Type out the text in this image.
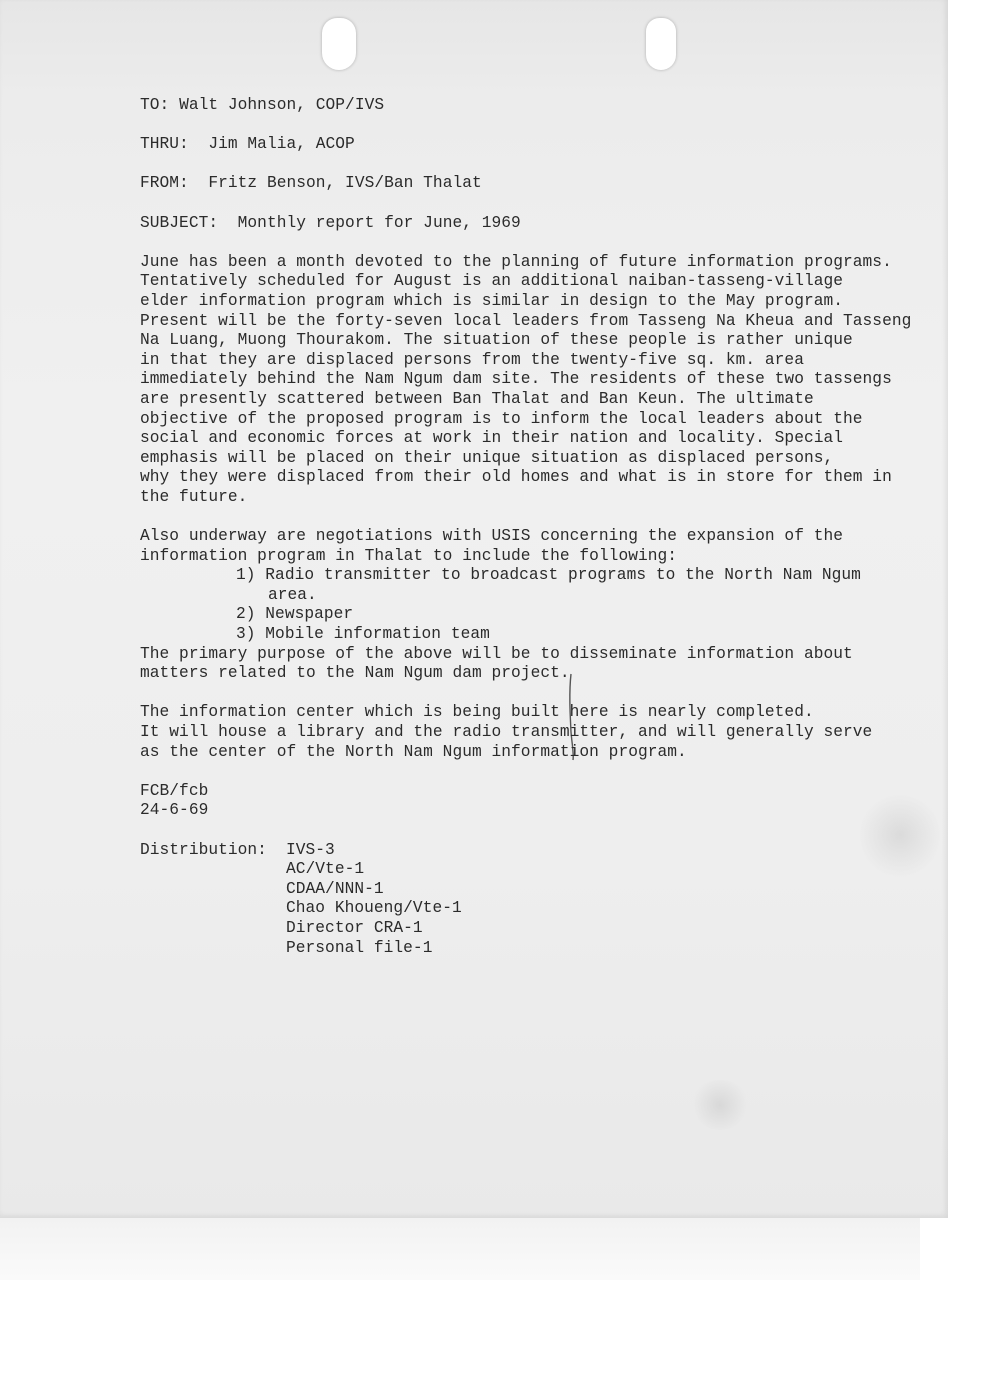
TO: Walt Johnson, COP/IVS
THRU: Jim Malia, ACOP
FROM: Fritz Benson, IVS/Ban Thalat
SUBJECT: Monthly report for June, 1969
June has been a month devoted to the planning of future information programs.
Tentatively scheduled for August is an additional naiban-tasseng-village
elder information program which is similar in design to the May program.
Present will be the forty-seven local leaders from Tasseng Na Kheua and Tasseng
Na Luang, Muong Thourakom. The situation of these people is rather unique
in that they are displaced persons from the twenty-five sq. km. area
immediately behind the Nam Ngum dam site. The residents of these two tassengs
are presently scattered between Ban Thalat and Ban Keun. The ultimate
objective of the proposed program is to inform the local leaders about the
social and economic forces at work in their nation and locality. Special
emphasis will be placed on their unique situation as displaced persons,
why they were displaced from their old homes and what is in store for them in
the future.
Also underway are negotiations with USIS concerning the expansion of the
information program in Thalat to include the following:
1) Radio transmitter to broadcast programs to the North Nam Ngum
area.
2) Newspaper
3) Mobile information team
The primary purpose of the above will be to disseminate information about
matters related to the Nam Ngum dam project.
The information center which is being built here is nearly completed.
It will house a library and the radio transmitter, and will generally serve
as the center of the North Nam Ngum information program.
FCB/fcb
24-6-69
Distribution:	IVS-3
AC/Vte-1
CDAA/NNN-1
Chao Khoueng/Vte-1
Director CRA-1
Personal file-1
